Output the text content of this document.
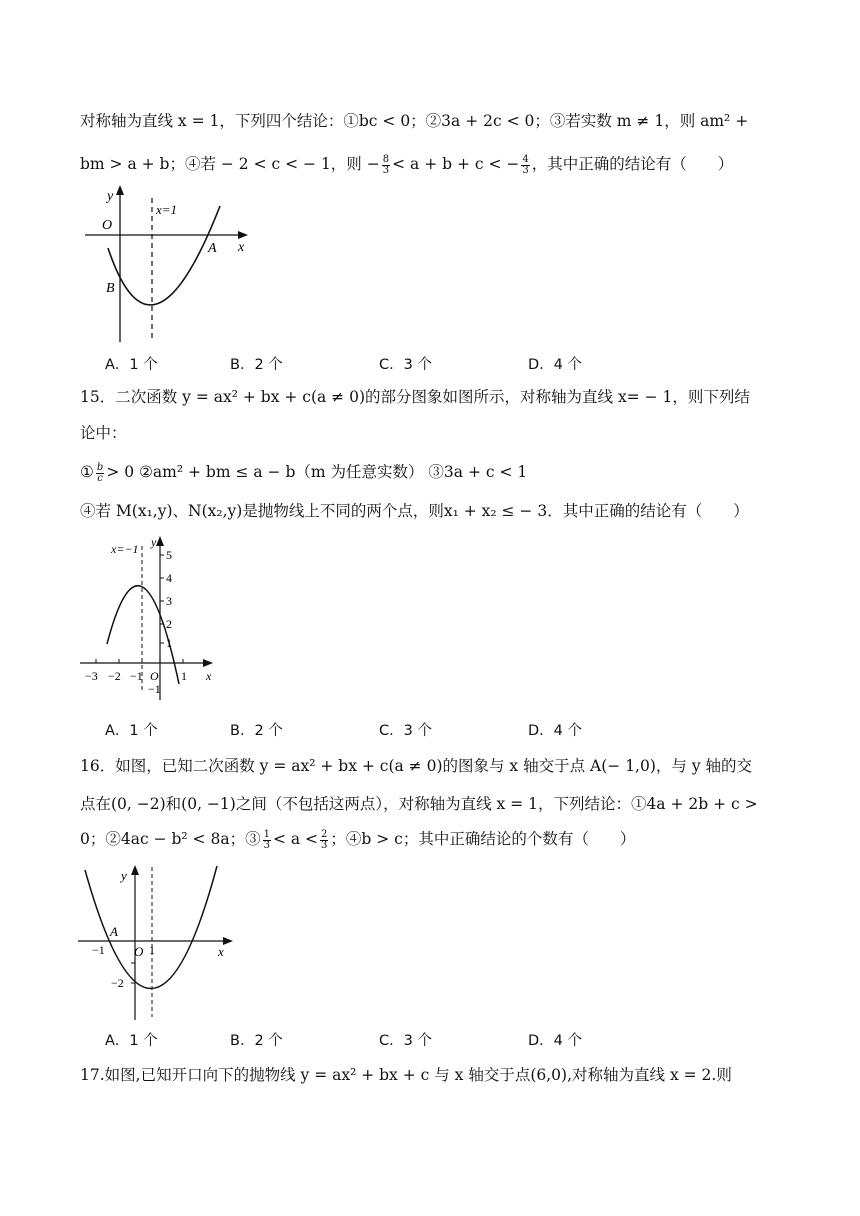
对称轴为直线 x = 1，下列四个结论：①bc < 0；②3a + 2c < 0；③若实数 m ≠ 1，则 am² +
bm > a + b；④若 − 2 < c < − 1，则 − $\frac{8}{3} < a + b + c$ < − $\frac{4}{3}$ ，其中正确的结论有（　　）
y
x
O
x=1
A
B
A．1 个	B．2 个	C．3 个	D．4 个
15．二次函数 y = ax² + bx + c(a ≠ 0)的部分图象如图所示，对称轴为直线 x= − 1，则下列结
论中：
① $\frac{b}{c} > 0$ ②am² + bm ≤ a − b（m 为任意实数） ③3a + c < 1
④若 M(x₁,y)、N(x₂,y)是抛物线上不同的两个点，则x₁ + x₂ ≤ − 3．其中正确的结论有（　　）
x=−1 y
x
O
5
4
3
2
1
−1
−3 −2 −1	1
A．1 个	B．2 个	C．3 个	D．4 个
16．如图，已知二次函数 y = ax² + bx + c(a ≠ 0)的图象与 x 轴交于点 A(− 1,0)，与 y 轴的交
点在(0, −2)和(0, −1)之间（不包括这两点），对称轴为直线 x = 1，下列结论：①4a + 2b + c >
0；②4ac − b² < 8a；③ $\frac{1}{3} < a < \frac{2}{3}$ ；④b > c；其中正确结论的个数有（　　）
y
x
O
A
−1	1
−2
A．1 个	B．2 个	C．3 个	D．4 个
17.如图,已知开口向下的抛物线 y = ax² + bx + c 与 x 轴交于点(6,0),对称轴为直线 x = 2.则
